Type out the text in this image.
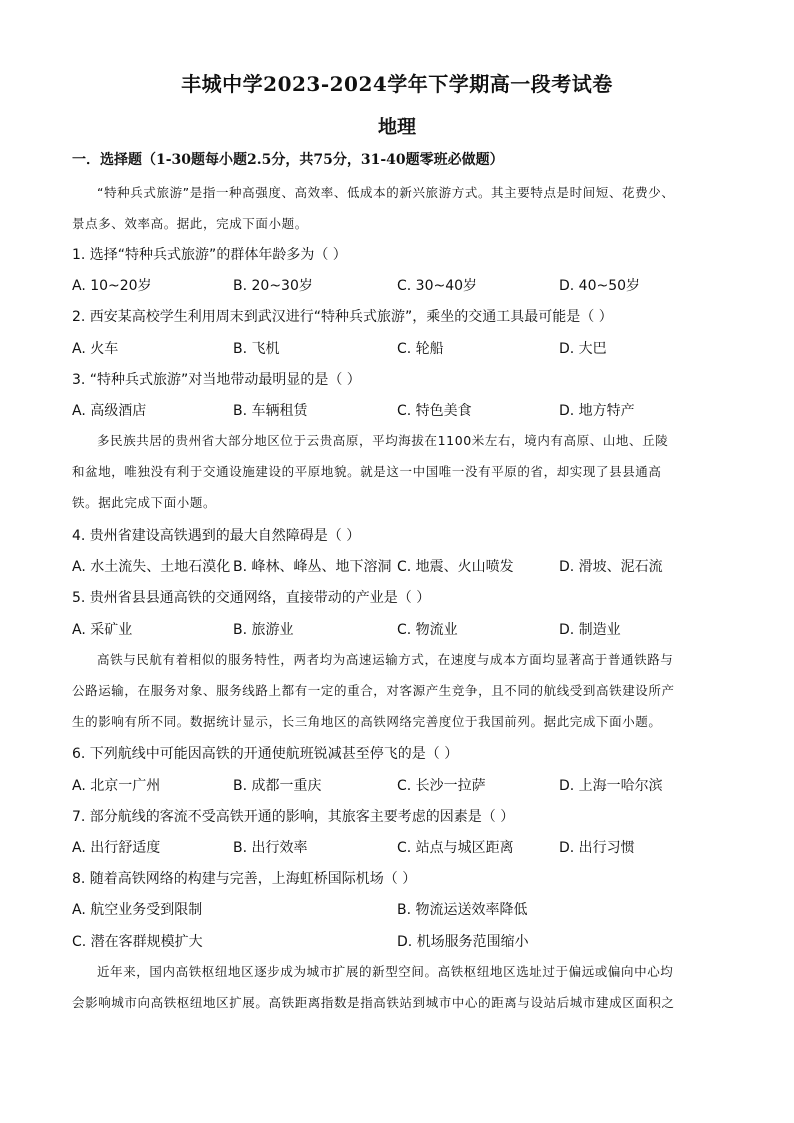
丰城中学2023-2024学年下学期高一段考试卷
地理
一．选择题（1-30题每小题2.5分，共75分，31-40题零班必做题）
“特种兵式旅游”是指一种高强度、高效率、低成本的新兴旅游方式。其主要特点是时间短、花费少、
景点多、效率高。据此，完成下面小题。
1. 选择“特种兵式旅游”的群体年龄多为（ ）
A. 10~20岁	B. 20~30岁	C. 30~40岁	D. 40~50岁
2. 西安某高校学生利用周末到武汉进行“特种兵式旅游”，乘坐的交通工具最可能是（ ）
A. 火车	B. 飞机	C. 轮船	D. 大巴
3. “特种兵式旅游”对当地带动最明显的是（ ）
A. 高级酒店	B. 车辆租赁	C. 特色美食	D. 地方特产
多民族共居的贵州省大部分地区位于云贵高原，平均海拔在1100米左右，境内有高原、山地、丘陵
和盆地，唯独没有利于交通设施建设的平原地貌。就是这一中国唯一没有平原的省，却实现了县县通高
铁。据此完成下面小题。
4. 贵州省建设高铁遇到的最大自然障碍是（ ）
A. 水土流失、土地石漠化 B. 峰林、峰丛、地下溶洞 C. 地震、火山喷发	D. 滑坡、泥石流
5. 贵州省县县通高铁的交通网络，直接带动的产业是（ ）
A. 采矿业	B. 旅游业	C. 物流业	D. 制造业
高铁与民航有着相似的服务特性，两者均为高速运输方式，在速度与成本方面均显著高于普通铁路与
公路运输，在服务对象、服务线路上都有一定的重合，对客源产生竞争，且不同的航线受到高铁建设所产
生的影响有所不同。数据统计显示，长三角地区的高铁网络完善度位于我国前列。据此完成下面小题。
6. 下列航线中可能因高铁的开通使航班锐减甚至停飞的是（ ）
A. 北京一广州	B. 成都一重庆	C. 长沙一拉萨	D. 上海一哈尔滨
7. 部分航线的客流不受高铁开通的影响，其旅客主要考虑的因素是（ ）
A. 出行舒适度	B. 出行效率	C. 站点与城区距离	D. 出行习惯
8. 随着高铁网络的构建与完善，上海虹桥国际机场（ ）
A. 航空业务受到限制	B. 物流运送效率降低
C. 潜在客群规模扩大	D. 机场服务范围缩小
近年来，国内高铁枢纽地区逐步成为城市扩展的新型空间。高铁枢纽地区选址过于偏远或偏向中心均
会影响城市向高铁枢纽地区扩展。高铁距离指数是指高铁站到城市中心的距离与设站后城市建成区面积之
